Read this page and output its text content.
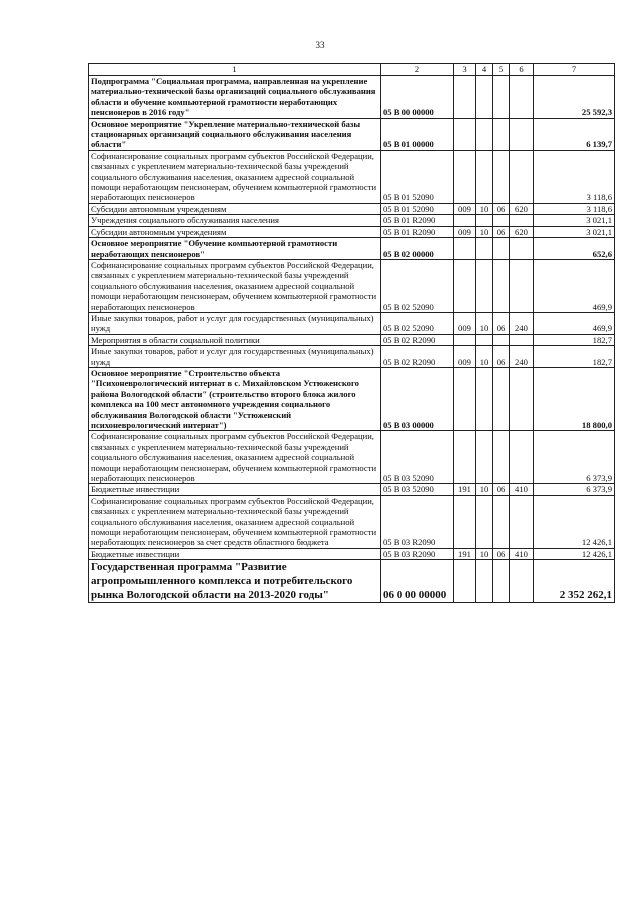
33
1	2	3	4	5	6	7
Подпрограмма "Социальная программа, направленная на укрепление материально-технической базы организаций социального обслуживания области и обучение компьютерной грамотности неработающих пенсионеров в 2016 году"	05 В 00 00000					25 592,3
Основное мероприятие "Укрепление материально-технической базы стационарных организаций социального обслуживания населения области"	05 В 01 00000					6 139,7
Софинансирование социальных программ субъектов Российской Федерации, связанных с укреплением материально-технической базы учреждений социального обслуживания населения, оказанием адресной социальной помощи неработающим пенсионерам, обучением компьютерной грамотности неработающих пенсионеров	05 В 01 52090					3 118,6
Субсидии автономным учреждениям	05 В 01 52090	009	10	06	620	3 118,6
Учреждения социального обслуживания населения	05 В 01 R2090					3 021,1
Субсидии автономным учреждениям	05 В 01 R2090	009	10	06	620	3 021,1
Основное мероприятие "Обучение компьютерной грамотности неработающих пенсионеров"	05 В 02 00000					652,6
Софинансирование социальных программ субъектов Российской Федерации, связанных с укреплением материально-технической базы учреждений социального обслуживания населения, оказанием адресной социальной помощи неработающим пенсионерам, обучением компьютерной грамотности неработающих пенсионеров	05 В 02 52090					469,9
Иные закупки товаров, работ и услуг для государственных (муниципальных) нужд	05 В 02 52090	009	10	06	240	469,9
Мероприятия в области социальной политики	05 В 02 R2090					182,7
Иные закупки товаров, работ и услуг для государственных (муниципальных) нужд	05 В 02 R2090	009	10	06	240	182,7
Основное мероприятие "Строительство объекта "Психоневрологический интернат в с. Михайловском Устюженского района Вологодской области" (строительство второго блока жилого комплекса на 100 мест автономного учреждения социального обслуживания Вологодской области "Устюженский психоневрологический интернат")	05 В 03 00000					18 800,0
Софинансирование социальных программ субъектов Российской Федерации, связанных с укреплением материально-технической базы учреждений социального обслуживания населения, оказанием адресной социальной помощи неработающим пенсионерам, обучением компьютерной грамотности неработающих пенсионеров	05 В 03 52090					6 373,9
Бюджетные инвестиции	05 В 03 52090	191	10	06	410	6 373,9
Софинансирование социальных программ субъектов Российской Федерации, связанных с укреплением материально-технической базы учреждений социального обслуживания населения, оказанием адресной социальной помощи неработающим пенсионерам, обучением компьютерной грамотности неработающих пенсионеров за счет средств областного бюджета	05 В 03 R2090					12 426,1
Бюджетные инвестиции	05 В 03 R2090	191	10	06	410	12 426,1
Государственная программа "Развитие агропромышленного комплекса и потребительского рынка Вологодской области на 2013-2020 годы"	06 0 00 00000					2 352 262,1
